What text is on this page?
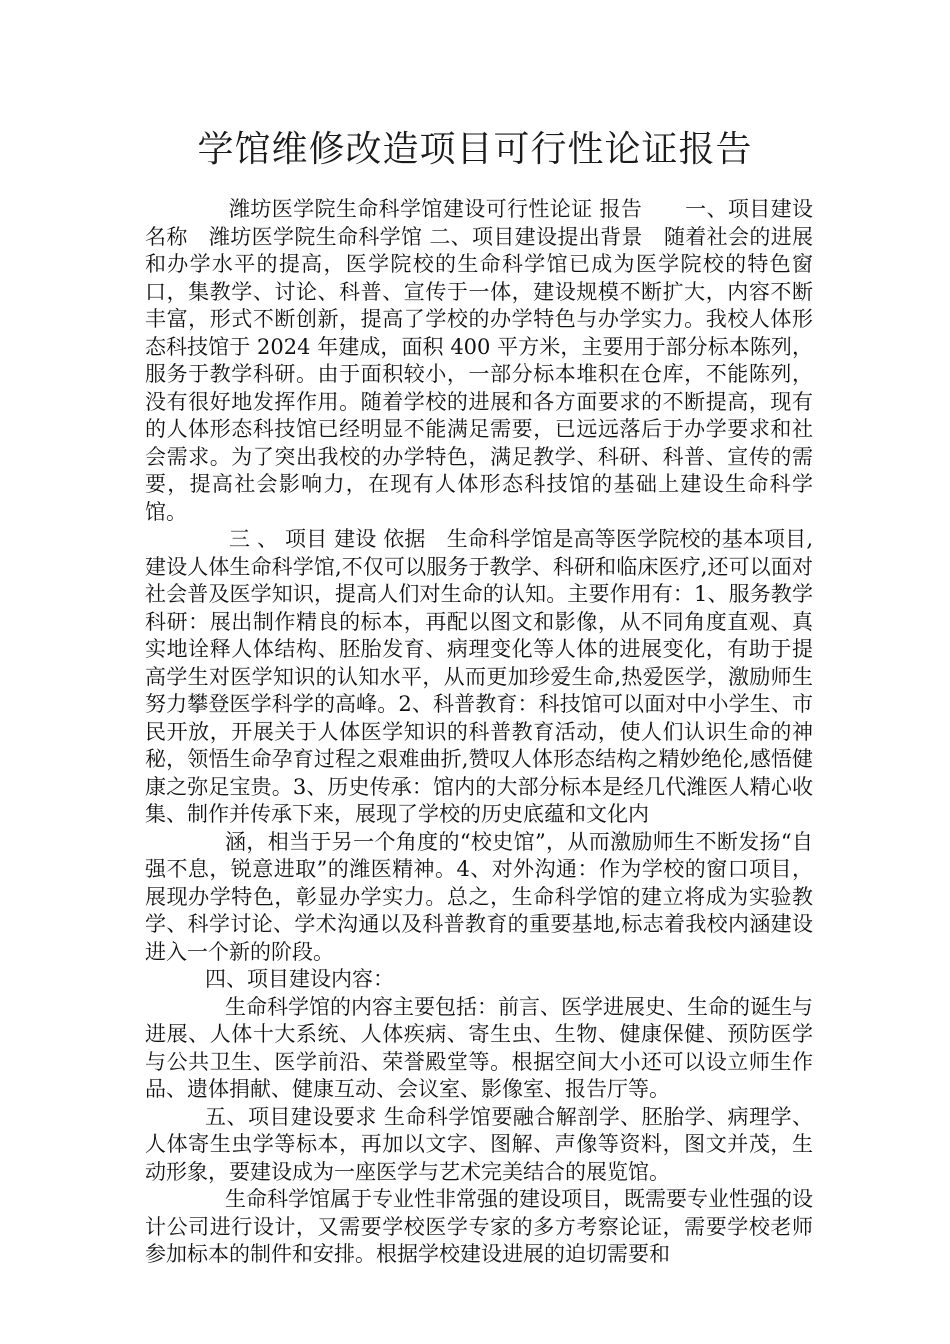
学馆维修改造项目可行性论证报告

潍坊医学院生命科学馆建设可行性论证 报告　　一、项目建设 名称　潍坊医学院生命科学馆 二、项目建设提出背景　随着社会的进展和办学水平的提高，医学院校的生命科学馆已成为医学院校的特色窗口，集教学、讨论、科普、宣传于一体，建设规模不断扩大，内容不断丰富，形式不断创新，提高了学校的办学特色与办学实力。我校人体形态科技馆于 2024 年建成，面积 400 平方米，主要用于部分标本陈列，服务于教学科研。由于面积较小，一部分标本堆积在仓库，不能陈列，没有很好地发挥作用。随着学校的进展和各方面要求的不断提高，现有的人体形态科技馆已经明显不能满足需要，已远远落后于办学要求和社会需求。为了突出我校的办学特色，满足教学、科研、科普、宣传的需要，提高社会影响力，在现有人体形态科技馆的基础上建设生命科学馆。

三 、 项目 建设 依据　生命科学馆是高等医学院校的基本项目,建设人体生命科学馆,不仅可以服务于教学、科研和临床医疗,还可以面对社会普及医学知识，提高人们对生命的认知。主要作用有：1、服务教学科研：展出制作精良的标本，再配以图文和影像，从不同角度直观、真实地诠释人体结构、胚胎发育、病理变化等人体的进展变化，有助于提高学生对医学知识的认知水平，从而更加珍爱生命,热爱医学，激励师生努力攀登医学科学的高峰。2、科普教育：科技馆可以面对中小学生、市民开放，开展关于人体医学知识的科普教育活动，使人们认识生命的神秘，领悟生命孕育过程之艰难曲折,赞叹人体形态结构之精妙绝伦,感悟健康之弥足宝贵。3、历史传承：馆内的大部分标本是经几代潍医人精心收集、制作并传承下来，展现了学校的历史底蕴和文化内

涵，相当于另一个角度的“校史馆”，从而激励师生不断发扬“自强不息，锐意进取”的潍医精神。4、对外沟通：作为学校的窗口项目，展现办学特色，彰显办学实力。总之，生命科学馆的建立将成为实验教学、科学讨论、学术沟通以及科普教育的重要基地,标志着我校内涵建设进入一个新的阶段。

四、项目建设内容：

生命科学馆的内容主要包括：前言、医学进展史、生命的诞生与进展、人体十大系统、人体疾病、寄生虫、生物、健康保健、预防医学与公共卫生、医学前沿、荣誉殿堂等。根据空间大小还可以设立师生作品、遗体捐献、健康互动、会议室、影像室、报告厅等。

五、项目建设要求 生命科学馆要融合解剖学、胚胎学、病理学、人体寄生虫学等标本，再加以文字、图解、声像等资料，图文并茂，生动形象，要建设成为一座医学与艺术完美结合的展览馆。

生命科学馆属于专业性非常强的建设项目，既需要专业性强的设计公司进行设计，又需要学校医学专家的多方考察论证，需要学校老师参加标本的制件和安排。根据学校建设进展的迫切需要和
